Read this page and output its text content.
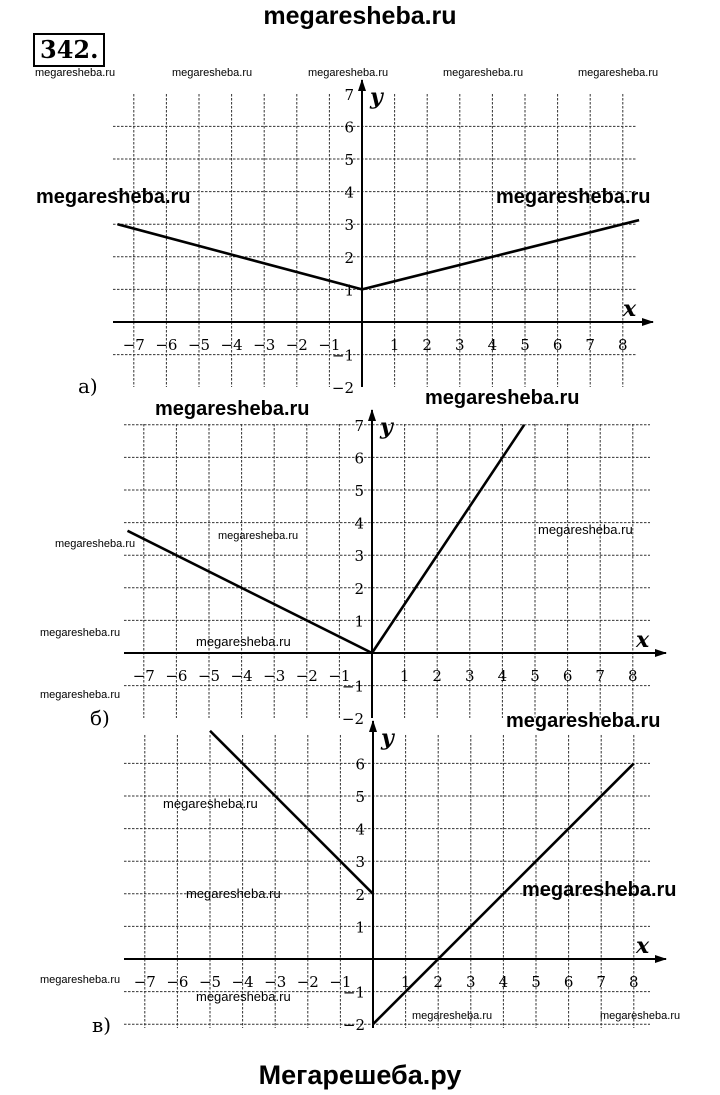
megaresheba.ru
342.
megaresheba.ru	megaresheba.ru	megaresheba.ru	megaresheba.ru	megaresheba.ru
а)
б)
в)
x
y
−7 −6 −5 −4 −3 −2 −1	1 2 3 4 5 6 7 8
−1
−2
1
2
3
4
5
6
7
x
y
−7 −6 −5 −4 −3 −2 −1	1 2 3 4 5 6 7 8
−1
−2
1
2
3
4
5
6
7
x
y
−7 −6 −5 −4 −3 −2 −1	1 2 3 4 5 6 7 8
−1
−2
1
2
3
4
5
6
megaresheba.ru	megaresheba.ru
megaresheba.ru	megaresheba.ru
megaresheba.ru
megaresheba.ru	megaresheba.ru
megaresheba.ru
megaresheba.ru
megaresheba.ru
megaresheba.ru
megaresheba.ru
megaresheba.ru	megaresheba.ru
megaresheba.ru
megaresheba.ru
megaresheba.ru	megaresheba.ru
Мегарешеба.ру
